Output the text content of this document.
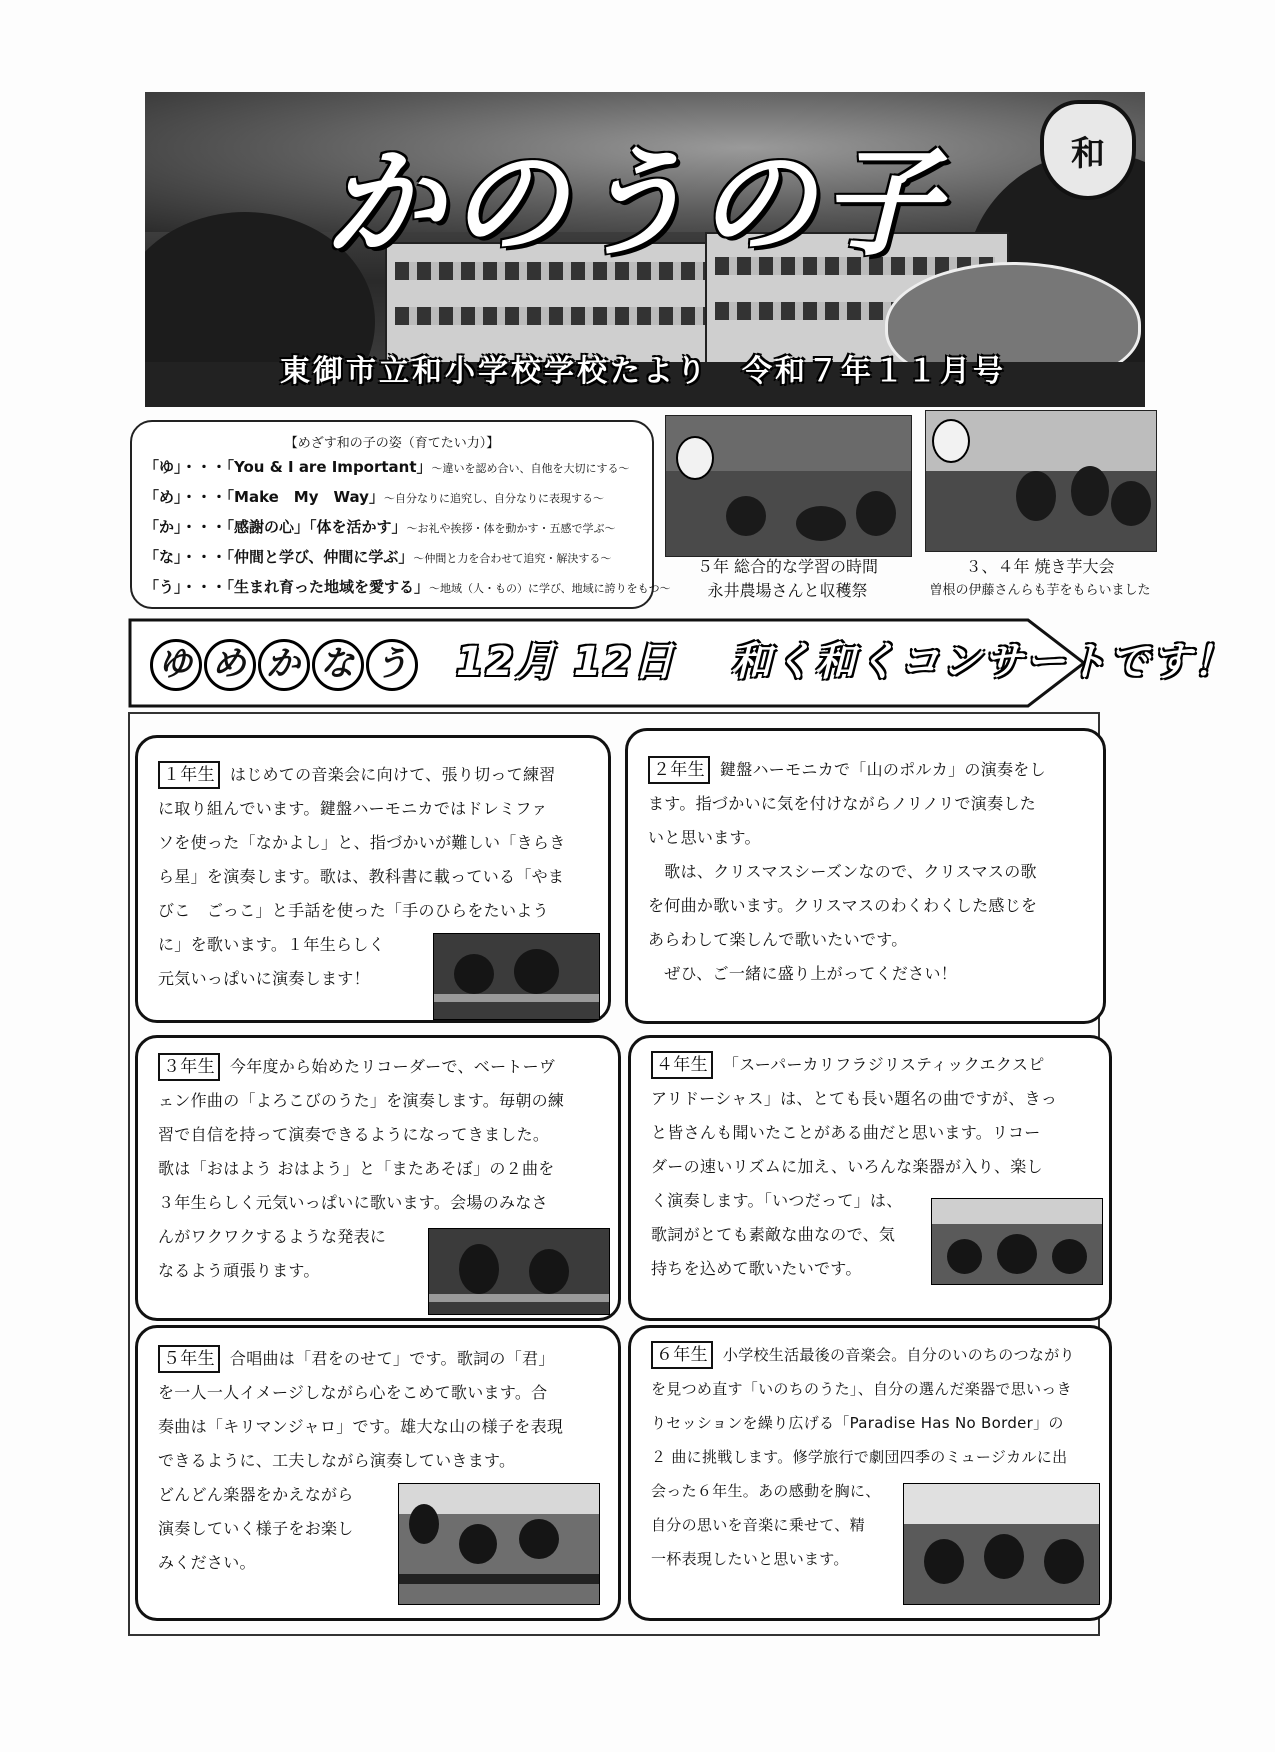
かのうの子
東御市立和小学校学校たより　令和７年１１月号
和
【めざす和の子の姿（育てたい力）】
「ゆ」・・・「You & I are Important」～違いを認め合い、自他を大切にする～
「め」・・・「Make　My　Way」～自分なりに追究し、自分なりに表現する～
「か」・・・「感謝の心」「体を活かす」～お礼や挨拶・体を動かす・五感で学ぶ～
「な」・・・「仲間と学び、仲間に学ぶ」～仲間と力を合わせて追究・解決する～
「う」・・・「生まれ育った地域を愛する」～地域（人・もの）に学び、地域に誇りをもつ～
５年 総合的な学習の時間
永井農場さんと収穫祭
３、４年 焼き芋大会
曽根の伊藤さんらも芋をもらいました
ゆ め か な う 12月 12日 和く和くコンサートです！

１年生 はじめての音楽会に向けて、張り切って練習

に取り組んでいます。鍵盤ハーモニカではドレミファ

ソを使った「なかよし」と、指づかいが難しい「きらき

ら星」を演奏します。歌は、教科書に載っている「やま

びこ　ごっこ」と手話を使った「手のひらをたいよう

に」を歌います。１年生らしく

元気いっぱいに演奏します！

２年生 鍵盤ハーモニカで「山のポルカ」の演奏をし

ます。指づかいに気を付けながらノリノリで演奏した

いと思います。

　歌は、クリスマスシーズンなので、クリスマスの歌

を何曲か歌います。クリスマスのわくわくした感じを

あらわして楽しんで歌いたいです。

　ぜひ、ご一緒に盛り上がってください！

３年生 今年度から始めたリコーダーで、ベートーヴ

ェン作曲の「よろこびのうた」を演奏します。毎朝の練

習で自信を持って演奏できるようになってきました。

歌は「おはよう おはよう」と「またあそぼ」の２曲を

３年生らしく元気いっぱいに歌います。会場のみなさ

んがワクワクするような発表に

なるよう頑張ります。

４年生 「スーパーカリフラジリスティックエクスピ

アリドーシャス」は、とても長い題名の曲ですが、きっ

と皆さんも聞いたことがある曲だと思います。リコー

ダーの速いリズムに加え、いろんな楽器が入り、楽し

く演奏します。「いつだって」は、

歌詞がとても素敵な曲なので、気

持ちを込めて歌いたいです。

５年生 合唱曲は「君をのせて」です。歌詞の「君」

を一人一人イメージしながら心をこめて歌います。合

奏曲は「キリマンジャロ」です。雄大な山の様子を表現

できるように、工夫しながら演奏していきます。

どんどん楽器をかえながら

演奏していく様子をお楽し

みください。

６年生 小学校生活最後の音楽会。自分のいのちのつながり

を見つめ直す「いのちのうた」、自分の選んだ楽器で思いっき

りセッションを繰り広げる「Paradise Has No Border」の

２ 曲に挑戦します。修学旅行で劇団四季のミュージカルに出

会った６年生。あの感動を胸に、

自分の思いを音楽に乗せて、精

一杯表現したいと思います。
